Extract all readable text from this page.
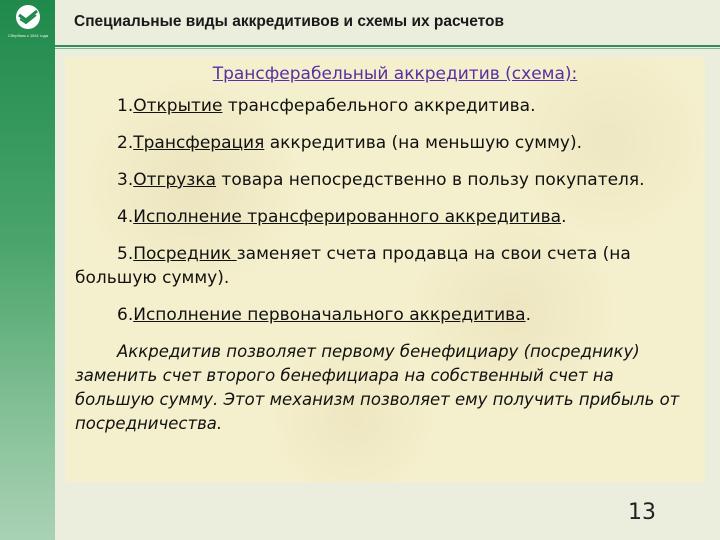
Сбербанк с 1841 года
Специальные виды аккредитивов и схемы их расчетов

Трансферабельный аккредитив (схема):

1.Открытие трансферабельного аккредитива.

2.Трансферация аккредитива (на меньшую сумму).

3.Отгрузка товара непосредственно в пользу покупателя.

4.Исполнение трансферированного аккредитива.

5.Посредник заменяет счета продавца на свои счета (на большую сумму).

6.Исполнение первоначального аккредитива.

Аккредитив позволяет первому бенефициару (посреднику) заменить счет второго бенефициара на собственный счет на большую сумму. Этот механизм позволяет ему получить прибыль от посредничества.

13
